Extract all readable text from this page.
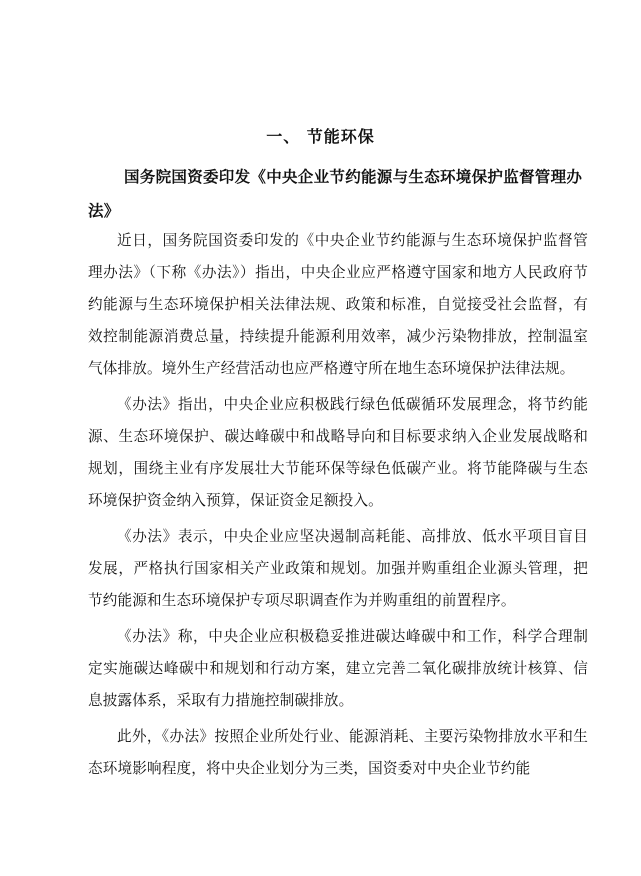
一、 节能环保
国务院国资委印发《中央企业节约能源与生态环境保护监督管理办法》

近日，国务院国资委印发的《中央企业节约能源与生态环境保护监督管理办法》（下称《办法》）指出，中央企业应严格遵守国家和地方人民政府节约能源与生态环境保护相关法律法规、政策和标准，自觉接受社会监督，有效控制能源消费总量，持续提升能源利用效率，减少污染物排放，控制温室气体排放。境外生产经营活动也应严格遵守所在地生态环境保护法律法规。

《办法》指出，中央企业应积极践行绿色低碳循环发展理念，将节约能源、生态环境保护、碳达峰碳中和战略导向和目标要求纳入企业发展战略和规划，围绕主业有序发展壮大节能环保等绿色低碳产业。将节能降碳与生态环境保护资金纳入预算，保证资金足额投入。

《办法》表示，中央企业应坚决遏制高耗能、高排放、低水平项目盲目发展，严格执行国家相关产业政策和规划。加强并购重组企业源头管理，把节约能源和生态环境保护专项尽职调查作为并购重组的前置程序。

《办法》称，中央企业应积极稳妥推进碳达峰碳中和工作，科学合理制定实施碳达峰碳中和规划和行动方案，建立完善二氧化碳排放统计核算、信息披露体系，采取有力措施控制碳排放。

此外，《办法》按照企业所处行业、能源消耗、主要污染物排放水平和生态环境影响程度，将中央企业划分为三类，国资委对中央企业节约能
